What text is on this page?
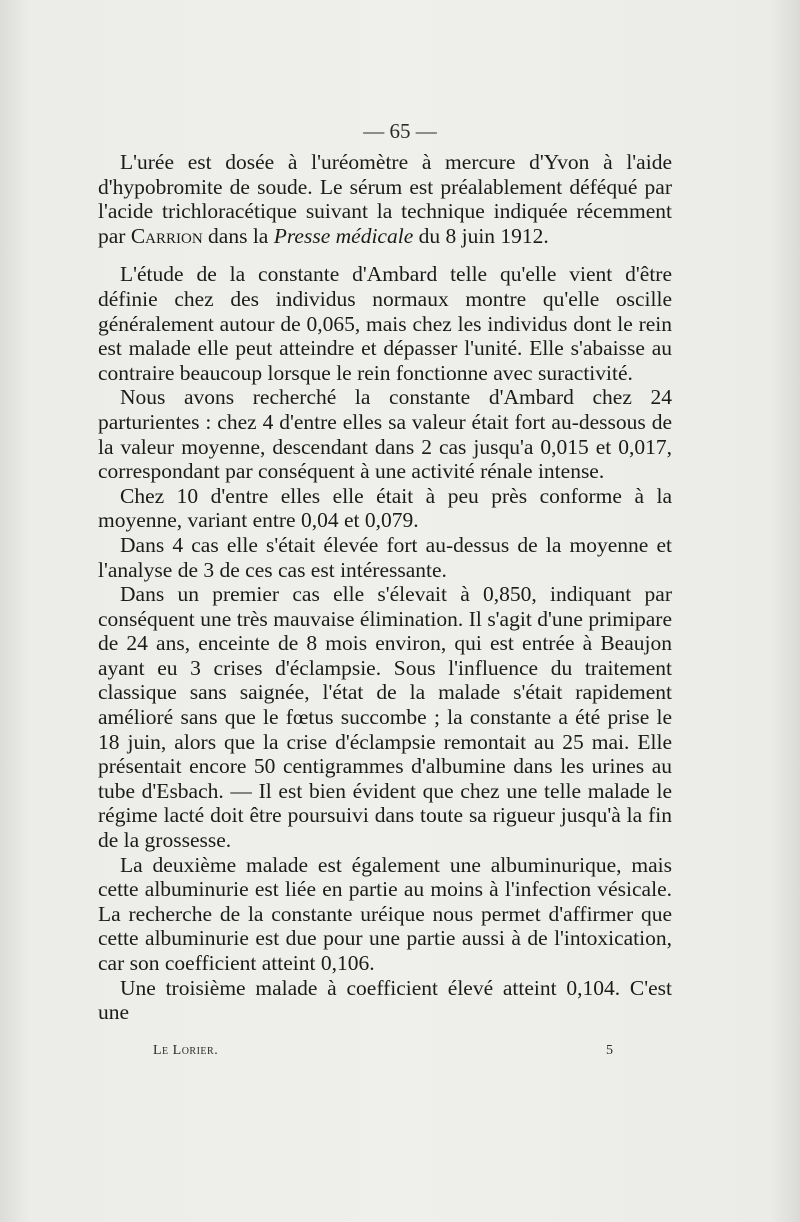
— 65 —

L'urée est dosée à l'uréomètre à mercure d'Yvon à l'aide d'hypobromite de soude. Le sérum est préalablement déféqué par l'acide trichloracétique suivant la technique indiquée récemment par Carrion dans la Presse médicale du 8 juin 1912.

L'étude de la constante d'Ambard telle qu'elle vient d'être définie chez des individus normaux montre qu'elle oscille généralement autour de 0,065, mais chez les individus dont le rein est malade elle peut atteindre et dépasser l'unité. Elle s'abaisse au contraire beaucoup lorsque le rein fonctionne avec suractivité.

Nous avons recherché la constante d'Ambard chez 24 parturientes : chez 4 d'entre elles sa valeur était fort au-dessous de la valeur moyenne, descendant dans 2 cas jusqu'a 0,015 et 0,017, correspondant par conséquent à une activité rénale intense.

Chez 10 d'entre elles elle était à peu près conforme à la moyenne, variant entre 0,04 et 0,079.

Dans 4 cas elle s'était élevée fort au-dessus de la moyenne et l'analyse de 3 de ces cas est intéressante.

Dans un premier cas elle s'élevait à 0,850, indiquant par conséquent une très mauvaise élimination. Il s'agit d'une primipare de 24 ans, enceinte de 8 mois environ, qui est entrée à Beaujon ayant eu 3 crises d'éclampsie. Sous l'influence du traitement classique sans saignée, l'état de la malade s'était rapidement amélioré sans que le fœtus succombe ; la constante a été prise le 18 juin, alors que la crise d'éclampsie remontait au 25 mai. Elle présentait encore 50 centigrammes d'albumine dans les urines au tube d'Esbach. — Il est bien évident que chez une telle malade le régime lacté doit être poursuivi dans toute sa rigueur jusqu'à la fin de la grossesse.

La deuxième malade est également une albuminurique, mais cette albuminurie est liée en partie au moins à l'infection vésicale. La recherche de la constante uréique nous permet d'affirmer que cette albuminurie est due pour une partie aussi à de l'intoxication, car son coefficient atteint 0,106.

Une troisième malade à coefficient élevé atteint 0,104. C'est une

Le Lorier.	5
